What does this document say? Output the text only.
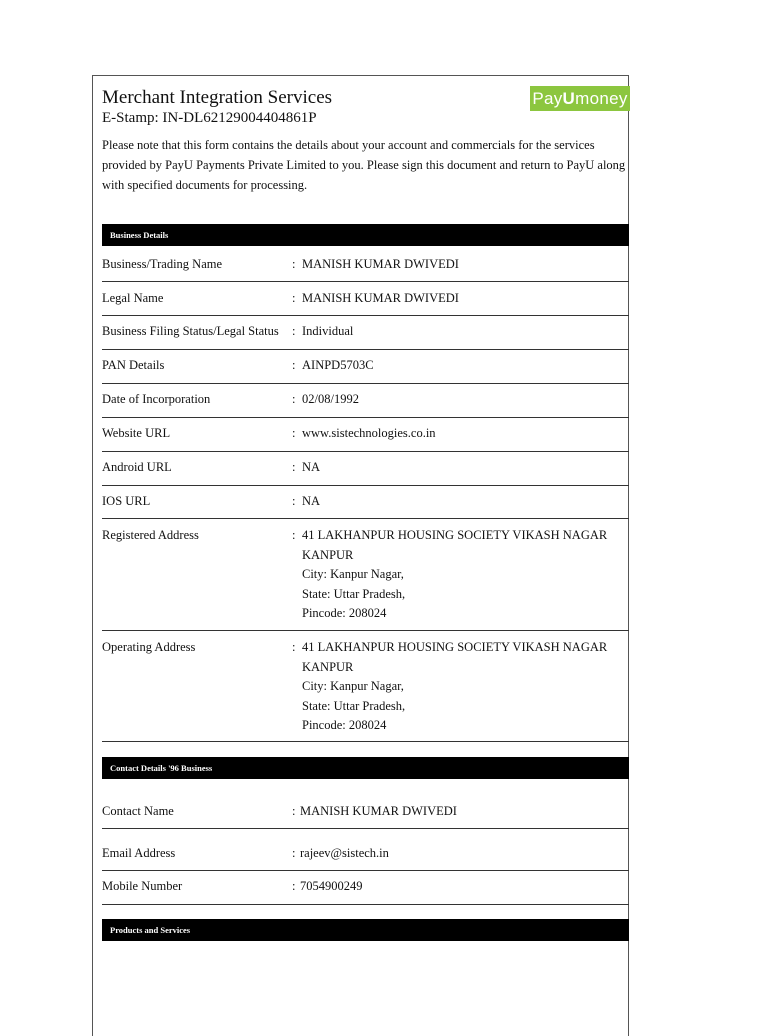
Merchant Integration Services
E-Stamp: IN-DL62129004404861P
PayUmoney
Please note that this form contains the details about your account and commercials for the services provided by PayU Payments Private Limited to you. Please sign this document and return to PayU along with specified documents for processing.
Business Details
Business/Trading Name	: MANISH KUMAR DWIVEDI
Legal Name	: MANISH KUMAR DWIVEDI
Business Filing Status/Legal Status : Individual
PAN Details	: AINPD5703C
Date of Incorporation	: 02/08/1992
Website URL	: www.sistechnologies.co.in
Android URL	: NA
IOS URL	: NA
Registered Address	: 41 LAKHANPUR HOUSING SOCIETY VIKASH NAGAR
KANPUR
City: Kanpur Nagar,
State: Uttar Pradesh,
Pincode: 208024
Operating Address	: 41 LAKHANPUR HOUSING SOCIETY VIKASH NAGAR
KANPUR
City: Kanpur Nagar,
State: Uttar Pradesh,
Pincode: 208024
Contact Details '96 Business
Contact Name	: MANISH KUMAR DWIVEDI
Email Address	: rajeev@sistech.in
Mobile Number	: 7054900249
Products and Services
